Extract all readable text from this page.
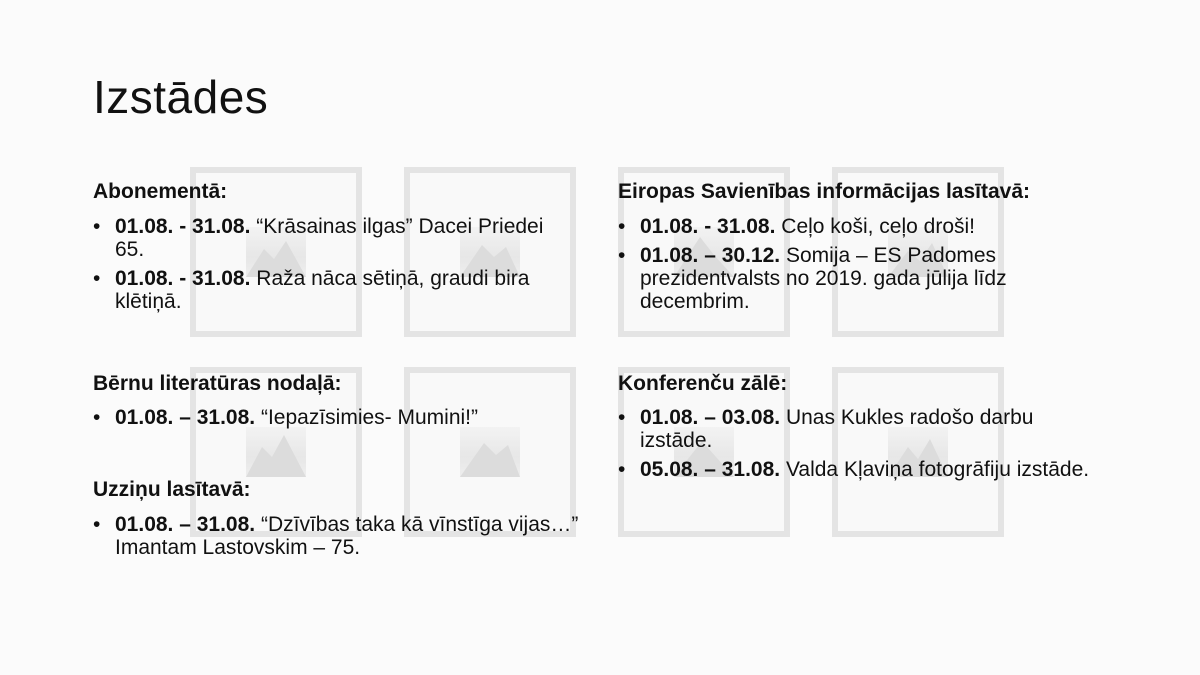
Izstādes
Abonementā:
• 01.08. - 31.08. “Krāsainas ilgas” Dacei Priedei 65.
• 01.08. - 31.08. Raža nāca sētiņā, graudi bira klētiņā.
Bērnu literatūras nodaļā:
• 01.08. – 31.08. “Iepazīsimies- Mumini!”
Uzziņu lasītavā:
• 01.08. – 31.08. “Dzīvības taka kā vīnstīga vijas…” Imantam Lastovskim – 75.
Eiropas Savienības informācijas lasītavā:
• 01.08. - 31.08. Ceļo koši, ceļo droši!
• 01.08. – 30.12. Somija – ES Padomes prezidentvalsts no 2019. gada jūlija līdz decembrim.
Konferenču zālē:
• 01.08. – 03.08. Unas Kukles radošo darbu izstāde.
• 05.08. – 31.08. Valda Kļaviņa fotogrāfiju izstāde.
